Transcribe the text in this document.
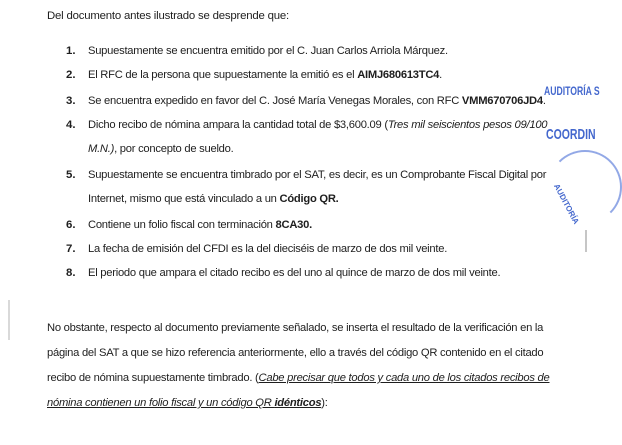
Del documento antes ilustrado se desprende que:
1. Supuestamente se encuentra emitido por el C. Juan Carlos Arriola Márquez.
2. El RFC de la persona que supuestamente la emitió es el AIMJ680613TC4.
3. Se encuentra expedido en favor del C. José María Venegas Morales, con RFC VMM670706JD4.
4. Dicho recibo de nómina ampara la cantidad total de $3,600.09 (Tres mil seiscientos pesos 09/100
M.N.), por concepto de sueldo.
5. Supuestamente se encuentra timbrado por el SAT, es decir, es un Comprobante Fiscal Digital por
Internet, mismo que está vinculado a un Código QR.
6. Contiene un folio fiscal con terminación 8CA30.
7. La fecha de emisión del CFDI es la del dieciséis de marzo de dos mil veinte.
8. El periodo que ampara el citado recibo es del uno al quince de marzo de dos mil veinte.
No obstante, respecto al documento previamente señalado, se inserta el resultado de la verificación en la
página del SAT a que se hizo referencia anteriormente, ello a través del código QR contenido en el citado
recibo de nómina supuestamente timbrado. (Cabe precisar que todos y cada uno de los citados recibos de
nómina contienen un folio fiscal y un código QR idénticos):
AUDITORÍA S
COORDIN
AUDITORÍA
